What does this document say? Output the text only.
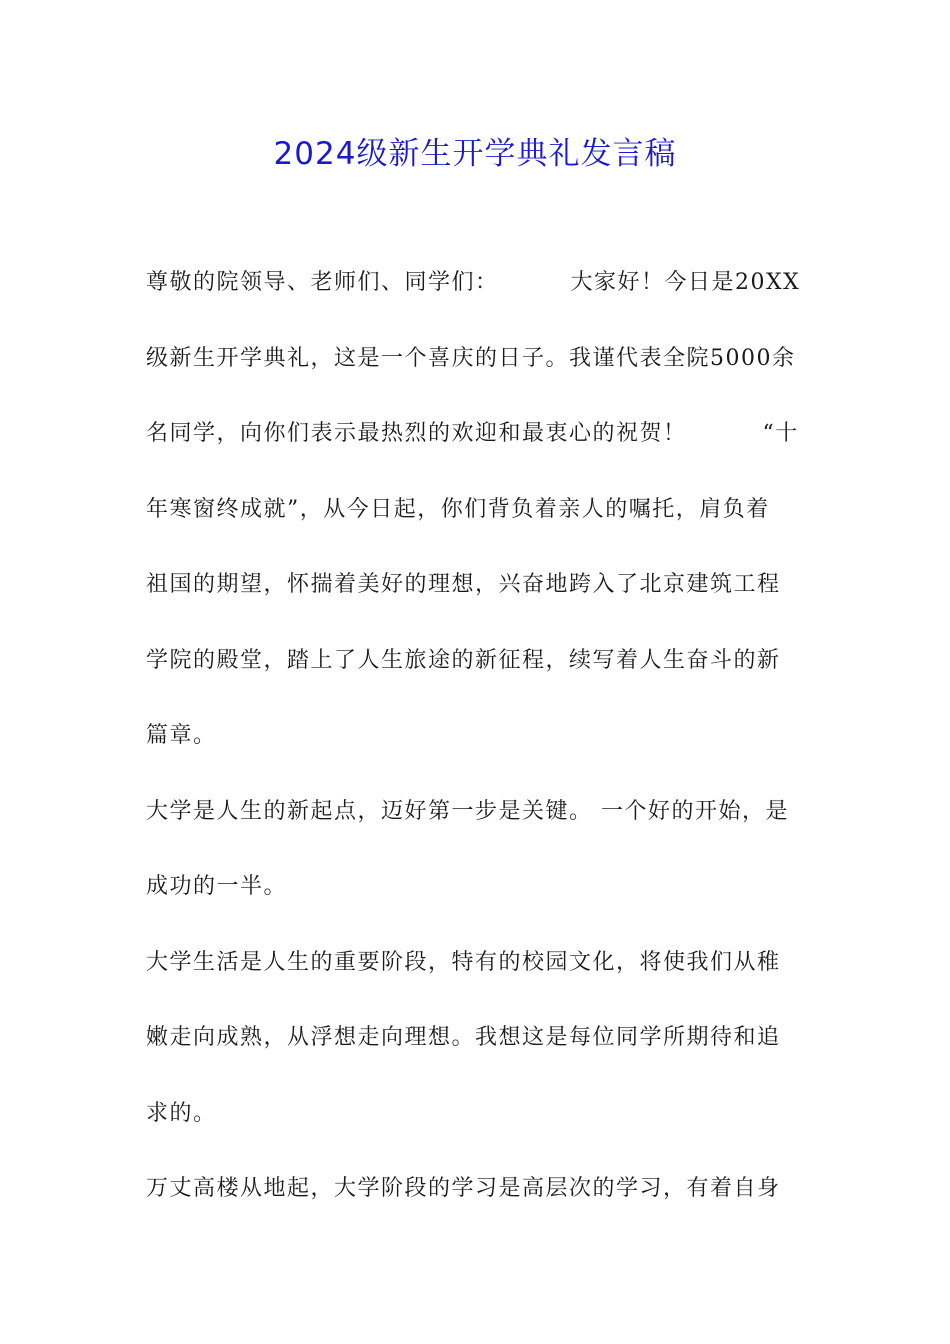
2024级新生开学典礼发言稿
尊敬的院领导、老师们、同学们：	大家好！今日是20XX
级新生开学典礼，这是一个喜庆的日子。我谨代表全院5000余
名同学，向你们表示最热烈的欢迎和最衷心的祝贺！	“十
年寒窗终成就”，从今日起，你们背负着亲人的嘱托，肩负着
祖国的期望，怀揣着美好的理想，兴奋地跨入了北京建筑工程
学院的殿堂，踏上了人生旅途的新征程，续写着人生奋斗的新
篇章。
大学是人生的新起点，迈好第一步是关键。 一个好的开始，是
成功的一半。
大学生活是人生的重要阶段，特有的校园文化，将使我们从稚
嫩走向成熟，从浮想走向理想。我想这是每位同学所期待和追
求的。
万丈高楼从地起，大学阶段的学习是高层次的学习，有着自身
